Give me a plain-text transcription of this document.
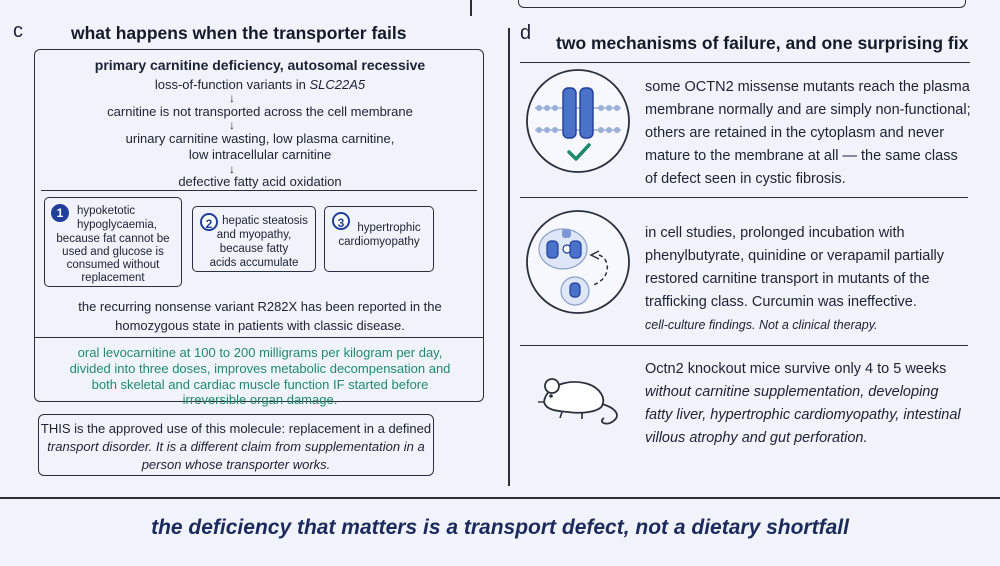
c	what happens when the transporter fails
primary carnitine deficiency, autosomal recessive
loss-of-function variants in SLC22A5
↓
carnitine is not transported across the cell membrane
↓
urinary carnitine wasting, low plasma carnitine,
low intracellular carnitine
↓
defective fatty acid oxidation
1	hypoketotic
hypoglycaemia,
because fat cannot be
used and glucose is
consumed without
replacement
2 hepatic steatosis
and myopathy,
because fatty
acids accumulate
3	hypertrophic
cardiomyopathy
the recurring nonsense variant R282X has been reported in the
homozygous state in patients with classic disease.
oral levocarnitine at 100 to 200 milligrams per kilogram per day,
divided into three doses, improves metabolic decompensation and
both skeletal and cardiac muscle function IF started before
irreversible organ damage.
THIS is the approved use of this molecule: replacement in a defined
transport disorder. It is a different claim from supplementation in a
person whose transporter works.
d two mechanisms of failure, and one surprising fix
some OCTN2 missense mutants reach the plasma
membrane normally and are simply non-functional;
others are retained in the cytoplasm and never
mature to the membrane at all — the same class
of defect seen in cystic fibrosis.
in cell studies, prolonged incubation with
phenylbutyrate, quinidine or verapamil partially
restored carnitine transport in mutants of the
trafficking class. Curcumin was ineffective.
cell-culture findings. Not a clinical therapy.
Octn2 knockout mice survive only 4 to 5 weeks
without carnitine supplementation, developing
fatty liver, hypertrophic cardiomyopathy, intestinal
villous atrophy and gut perforation.
the deficiency that matters is a transport defect, not a dietary shortfall
